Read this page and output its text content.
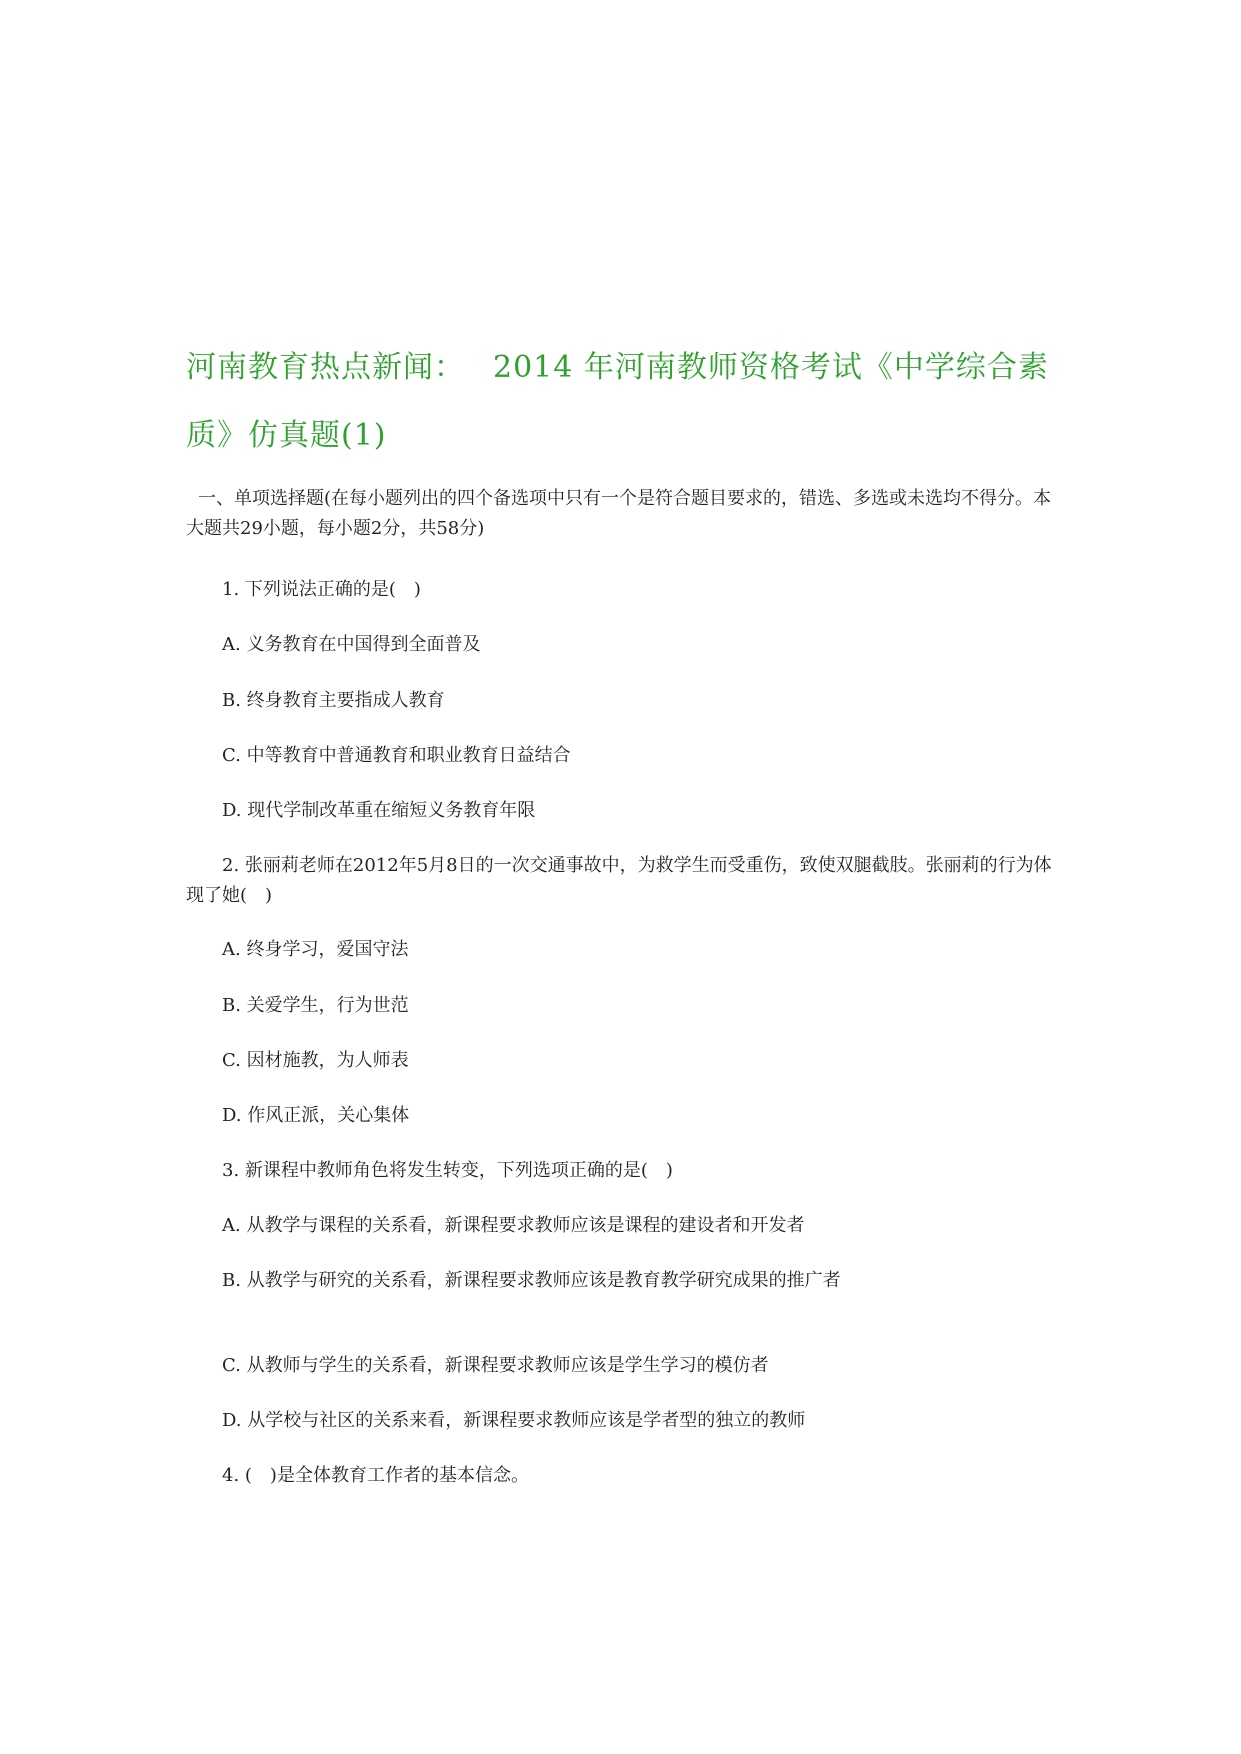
河南教育热点新闻： 2014 年河南教师资格考试《中学综合素质》仿真题(1)

一、单项选择题(在每小题列出的四个备选项中只有一个是符合题目要求的，错选、多选或未选均不得分。本大题共29小题，每小题2分，共58分)

1. 下列说法正确的是(　)

A. 义务教育在中国得到全面普及

B. 终身教育主要指成人教育

C. 中等教育中普通教育和职业教育日益结合

D. 现代学制改革重在缩短义务教育年限

2. 张丽莉老师在2012年5月8日的一次交通事故中，为救学生而受重伤，致使双腿截肢。张丽莉的行为体现了她(　)

A. 终身学习，爱国守法

B. 关爱学生，行为世范

C. 因材施教，为人师表

D. 作风正派，关心集体

3. 新课程中教师角色将发生转变，下列选项正确的是(　)

A. 从教学与课程的关系看，新课程要求教师应该是课程的建设者和开发者

B. 从教学与研究的关系看，新课程要求教师应该是教育教学研究成果的推广者

C. 从教师与学生的关系看，新课程要求教师应该是学生学习的模仿者

D. 从学校与社区的关系来看，新课程要求教师应该是学者型的独立的教师

4. (　)是全体教育工作者的基本信念。
